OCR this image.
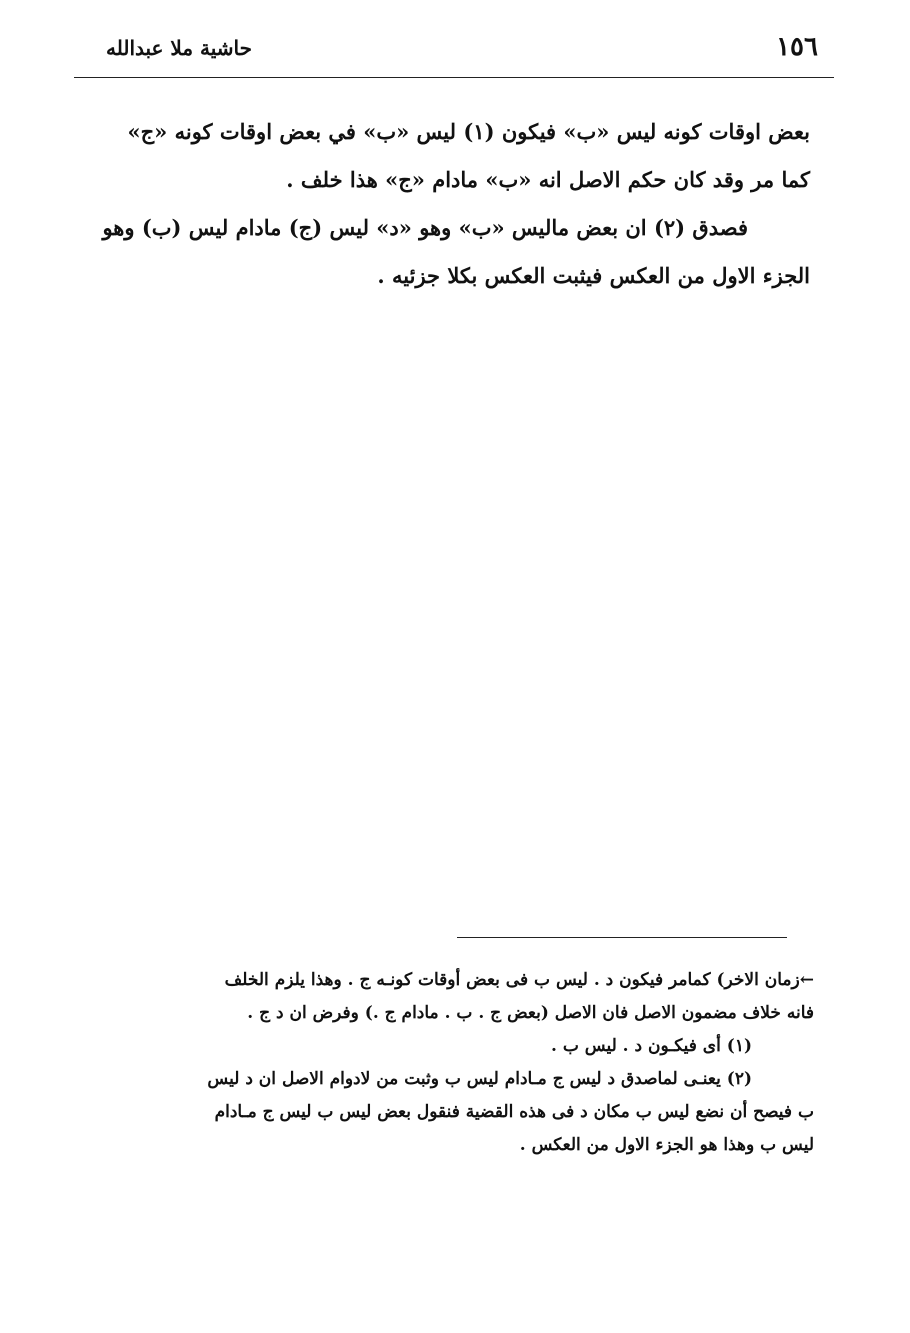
١٥٦
حاشية ملا عبدالله

بعض اوقات كونه ليس «ب» فيكون (١) ليس «ب» في بعض اوقات كونه «ج»

كما مر وقد كان حكم الاصل انه «ب» مادام «ج» هذا خلف .

فصدق (٢) ان بعض ماليس «ب» وهو «د» ليس (ج) مادام ليس (ب) وهو

الجزء الاول من العكس فيثبت العكس بكلا جزئيه .

←زمان الاخر) كمامر فيكون د . ليس ب فى بعض أوقات كونـه ج . وهذا يلزم الخلف

فانه خلاف مضمون الاصل فان الاصل (بعض ج . ب . مادام ج .) وفرض ان د ج .

(١) أى فيكـون د . ليس ب .

(٢) يعنـى لماصدق د ليس ج مـادام ليس ب وثبت من لادوام الاصل ان د ليس

ب فيصح أن نضع ليس ب مكان د فى هذه القضية فنقول بعض ليس ب ليس ج مـادام

ليس ب وهذا هو الجزء الاول من العكس .
